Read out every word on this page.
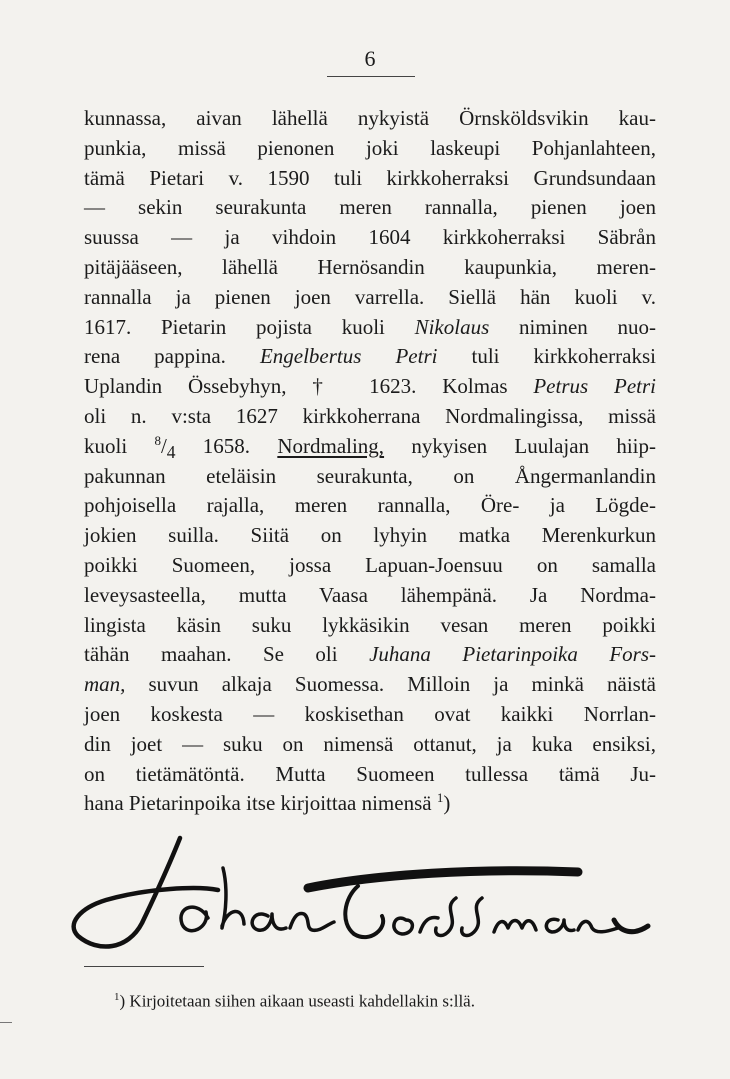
6
kunnassa, aivan lähellä nykyistä Örnsköldsvikin kau-
punkia, missä pienonen joki laskeupi Pohjanlahteen,
tämä Pietari v. 1590 tuli kirkkoherraksi Grundsundaan
— sekin seurakunta meren rannalla, pienen joen
suussa — ja vihdoin 1604 kirkkoherraksi Säbrån
pitäjääseen, lähellä Hernösandin kaupunkia, meren-
rannalla ja pienen joen varrella. Siellä hän kuoli v.
1617. Pietarin pojista kuoli Nikolaus niminen nuo-
rena pappina. Engelbertus Petri tuli kirkkoherraksi
Uplandin Össebyhyn, † 1623. Kolmas Petrus Petri
oli n. v:sta 1627 kirkkoherrana Nordmalingissa, missä
kuoli $^8/_4$ 1658. Nordmaling, nykyisen Luulajan hiip-
pakunnan eteläisin seurakunta, on Ångermanlandin
pohjoisella rajalla, meren rannalla, Öre- ja Lögde-
jokien suilla. Siitä on lyhyin matka Merenkurkun
poikki Suomeen, jossa Lapuan-Joensuu on samalla
leveysasteella, mutta Vaasa lähempänä. Ja Nordma-
lingista käsin suku lykkäsikin vesan meren poikki
tähän maahan. Se oli Juhana Pietarinpoika Fors-
man, suvun alkaja Suomessa. Milloin ja minkä näistä
joen koskesta — koskisethan ovat kaikki Norrlan-
din joet — suku on nimensä ottanut, ja kuka ensiksi,
on tietämätöntä. Mutta Suomeen tullessa tämä Ju-
hana Pietarinpoika itse kirjoittaa nimensä $^1$)
$^1$) Kirjoitetaan siihen aikaan useasti kahdellakin s:llä.
